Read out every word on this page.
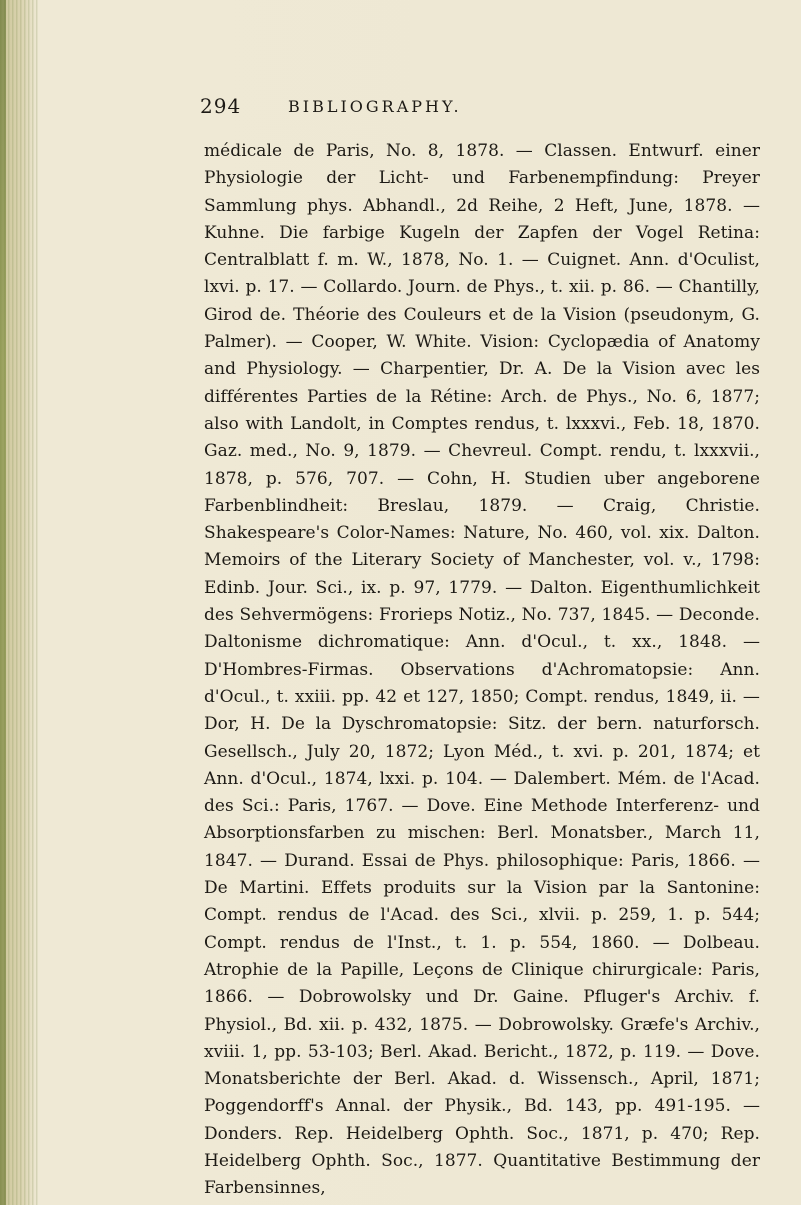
294	BIBLIOGRAPHY.

médicale de Paris, No. 8, 1878. — Classen. Entwurf. einer Physiologie der Licht- und Farbenempfindung: Preyer Sammlung phys. Abhandl., 2d Reihe, 2 Heft, June, 1878. — Kuhne. Die farbige Kugeln der Zapfen der Vogel Retina: Centralblatt f. m. W., 1878, No. 1. — Cuignet. Ann. d'Oculist, lxvi. p. 17. — Collardo. Journ. de Phys., t. xii. p. 86. — Chantilly, Girod de. Théorie des Couleurs et de la Vision (pseudonym, G. Palmer). — Cooper, W. White. Vision: Cyclopædia of Anatomy and Physiology. — Charpentier, Dr. A. De la Vision avec les différentes Parties de la Rétine: Arch. de Phys., No. 6, 1877; also with Landolt, in Comptes rendus, t. lxxxvi., Feb. 18, 1870. Gaz. med., No. 9, 1879. — Chevreul. Compt. rendu, t. lxxxvii., 1878, p. 576, 707. — Cohn, H. Studien uber angeborene Farbenblindheit: Breslau, 1879. — Craig, Christie. Shakespeare's Color-Names: Nature, No. 460, vol. xix. Dalton. Memoirs of the Literary Society of Manchester, vol. v., 1798: Edinb. Jour. Sci., ix. p. 97, 1779. — Dalton. Eigenthumlichkeit des Sehvermögens: Frorieps Notiz., No. 737, 1845. — Deconde. Daltonisme dichromatique: Ann. d'Ocul., t. xx., 1848. — D'Hombres-Firmas. Observations d'Achromatopsie: Ann. d'Ocul., t. xxiii. pp. 42 et 127, 1850; Compt. rendus, 1849, ii. — Dor, H. De la Dyschromatopsie: Sitz. der bern. naturforsch. Gesellsch., July 20, 1872; Lyon Méd., t. xvi. p. 201, 1874; et Ann. d'Ocul., 1874, lxxi. p. 104. — Dalembert. Mém. de l'Acad. des Sci.: Paris, 1767. — Dove. Eine Methode Interferenz- und Absorptionsfarben zu mischen: Berl. Monatsber., March 11, 1847. — Durand. Essai de Phys. philosophique: Paris, 1866. — De Martini. Effets produits sur la Vision par la Santonine: Compt. rendus de l'Acad. des Sci., xlvii. p. 259, 1. p. 544; Compt. rendus de l'Inst., t. 1. p. 554, 1860. — Dolbeau. Atrophie de la Papille, Leçons de Clinique chirurgicale: Paris, 1866. — Dobrowolsky und Dr. Gaine. Pfluger's Archiv. f. Physiol., Bd. xii. p. 432, 1875. — Dobrowolsky. Græfe's Archiv., xviii. 1, pp. 53-103; Berl. Akad. Bericht., 1872, p. 119. — Dove. Monatsberichte der Berl. Akad. d. Wissensch., April, 1871; Poggendorff's Annal. der Physik., Bd. 143, pp. 491-195. — Donders. Rep. Heidelberg Ophth. Soc., 1871, p. 470; Rep. Heidelberg Ophth. Soc., 1877. Quantitative Bestimmung der Farbensinnes,
